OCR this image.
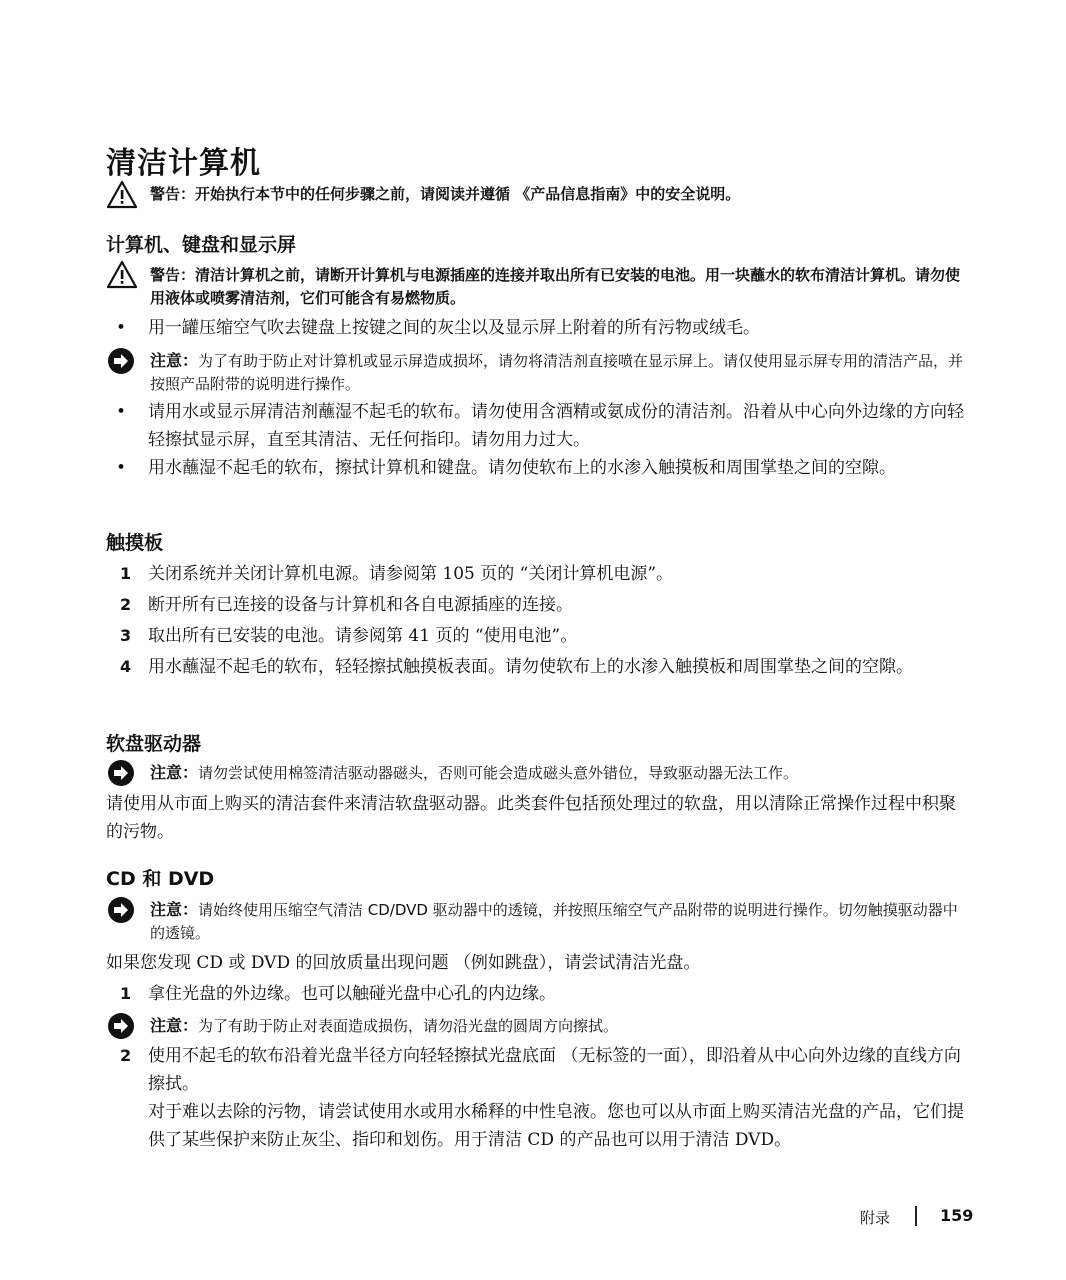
清洁计算机
警告：开始执行本节中的任何步骤之前，请阅读并遵循 《产品信息指南》中的安全说明。
计算机、键盘和显示屏
警告：清洁计算机之前，请断开计算机与电源插座的连接并取出所有已安装的电池。用一块蘸水的软布清洁计算机。请勿使用液体或喷雾清洁剂，它们可能含有易燃物质。
• 用一罐压缩空气吹去键盘上按键之间的灰尘以及显示屏上附着的所有污物或绒毛。
注意：为了有助于防止对计算机或显示屏造成损坏，请勿将清洁剂直接喷在显示屏上。请仅使用显示屏专用的清洁产品，并按照产品附带的说明进行操作。
• 请用水或显示屏清洁剂蘸湿不起毛的软布。请勿使用含酒精或氨成份的清洁剂。沿着从中心向外边缘的方向轻轻擦拭显示屏，直至其清洁、无任何指印。请勿用力过大。
• 用水蘸湿不起毛的软布，擦拭计算机和键盘。请勿使软布上的水渗入触摸板和周围掌垫之间的空隙。
触摸板
1 关闭系统并关闭计算机电源。请参阅第 105 页的 “关闭计算机电源”。
2 断开所有已连接的设备与计算机和各自电源插座的连接。
3 取出所有已安装的电池。请参阅第 41 页的 “使用电池”。
4 用水蘸湿不起毛的软布，轻轻擦拭触摸板表面。请勿使软布上的水渗入触摸板和周围掌垫之间的空隙。
软盘驱动器
注意：请勿尝试使用棉签清洁驱动器磁头，否则可能会造成磁头意外错位，导致驱动器无法工作。
请使用从市面上购买的清洁套件来清洁软盘驱动器。此类套件包括预处理过的软盘，用以清除正常操作过程中积聚的污物。
CD 和 DVD
注意：请始终使用压缩空气清洁 CD/DVD 驱动器中的透镜，并按照压缩空气产品附带的说明进行操作。切勿触摸驱动器中的透镜。
如果您发现 CD 或 DVD 的回放质量出现问题 （例如跳盘），请尝试清洁光盘。
1 拿住光盘的外边缘。也可以触碰光盘中心孔的内边缘。
注意：为了有助于防止对表面造成损伤，请勿沿光盘的圆周方向擦拭。
2 使用不起毛的软布沿着光盘半径方向轻轻擦拭光盘底面 （无标签的一面），即沿着从中心向外边缘的直线方向擦拭。
对于难以去除的污物，请尝试使用水或用水稀释的中性皂液。您也可以从市面上购买清洁光盘的产品，它们提供了某些保护来防止灰尘、指印和划伤。用于清洁 CD 的产品也可以用于清洁 DVD。
附录	159
